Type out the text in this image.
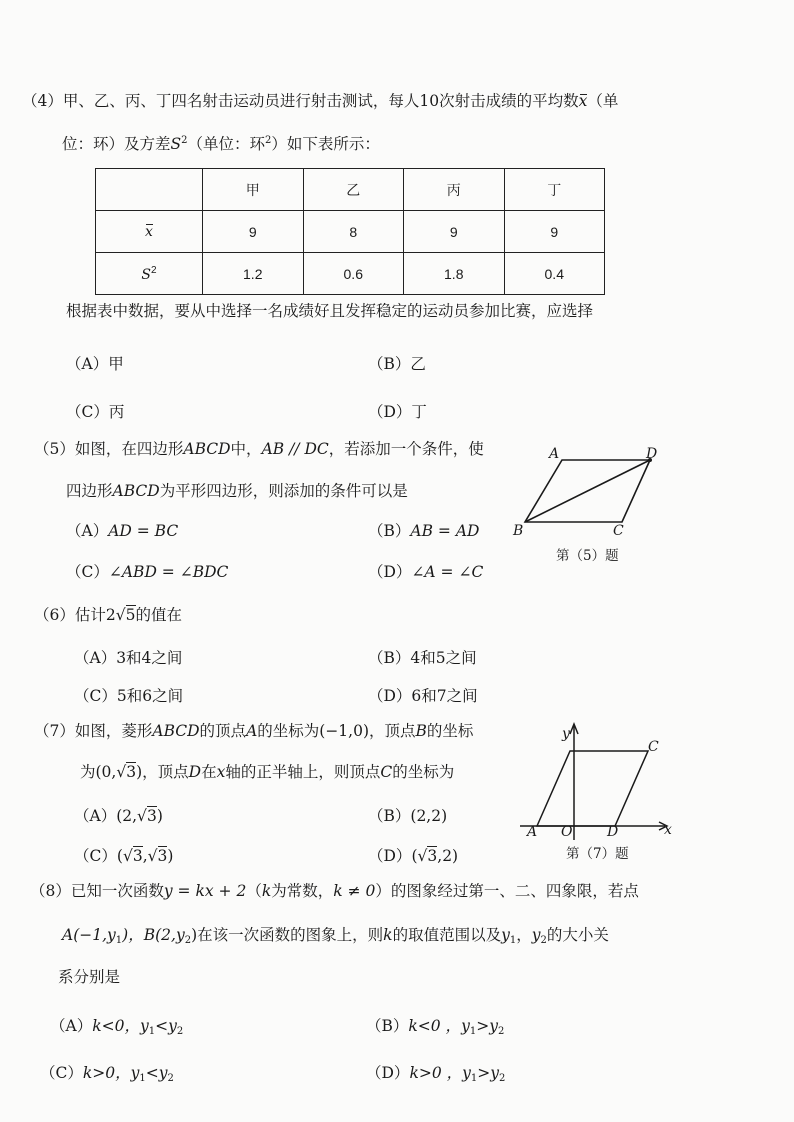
（4）甲、乙、丙、丁四名射击运动员进行射击测试，每人10次射击成绩的平均数x（单
位：环）及方差$S^2$（单位：环$^2$）如下表所示：
	甲	乙	丙	丁
x	9	8	9	9
$S^2$	1.2	0.6	1.8	0.4
根据表中数据，要从中选择一名成绩好且发挥稳定的运动员参加比赛，应选择
（A）甲	（B）乙
（C）丙	（D）丁
（5）如图，在四边形ABCD中，AB // DC，若添加一个条件，使
四边形ABCD为平形四边形，则添加的条件可以是
（A）AD = BC	（B）AB = AD
（C）∠ABD = ∠BDC	（D）∠A = ∠C
A	D
B	C
第（5）题
（6）估计2√5的值在
（A）3和4之间	（B）4和5之间
（C）5和6之间	（D）6和7之间
（7）如图，菱形ABCD的顶点A的坐标为(−1,0)，顶点B的坐标
为(0,√3)，顶点D在x轴的正半轴上，则顶点C的坐标为
（A）(2,√3)	（B）(2,2)
（C）(√3,√3)	（D）(√3,2)
y
C
A O D	x
第（7）题
（8）已知一次函数y = kx + 2（k为常数，k ≠ 0）的图象经过第一、二、四象限，若点
$A(-1,y_1)$，$B(2,y_2)$在该一次函数的图象上，则k的取值范围以及$y_1$，$y_2$的大小关
系分别是
（A）k<0，$y_1<y_2$	（B）k<0 ，$y_1>y_2$
（C）k>0，$y_1<y_2$	（D）k>0 ，$y_1>y_2$
